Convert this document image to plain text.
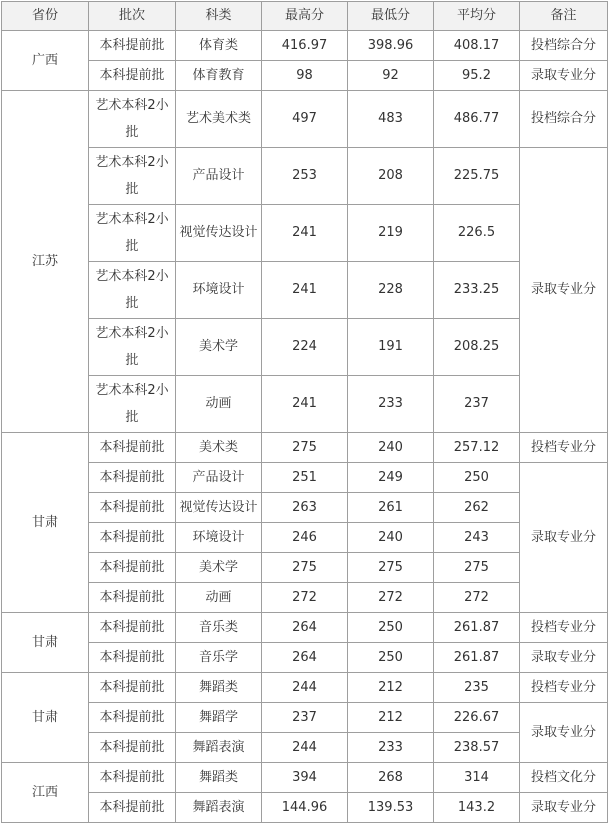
省份	批次	科类	最高分	最低分	平均分	备注
广西	本科提前批	体育类	416.97	398.96	408.17	投档综合分
	本科提前批	体育教育	98	92	95.2	录取专业分
江苏	艺术本科2小批	艺术美术类	497	483	486.77	投档综合分
	艺术本科2小批	产品设计	253	208	225.75	录取专业分
	艺术本科2小批	视觉传达设计	241	219	226.5	
	艺术本科2小批	环境设计	241	228	233.25	
	艺术本科2小批	美术学	224	191	208.25	
	艺术本科2小批	动画	241	233	237	
甘肃	本科提前批	美术类	275	240	257.12	投档专业分
	本科提前批	产品设计	251	249	250	录取专业分
	本科提前批	视觉传达设计	263	261	262	
	本科提前批	环境设计	246	240	243	
	本科提前批	美术学	275	275	275	
	本科提前批	动画	272	272	272	
甘肃	本科提前批	音乐类	264	250	261.87	投档专业分
	本科提前批	音乐学	264	250	261.87	录取专业分
甘肃	本科提前批	舞蹈类	244	212	235	投档专业分
	本科提前批	舞蹈学	237	212	226.67	录取专业分
	本科提前批	舞蹈表演	244	233	238.57	
江西	本科提前批	舞蹈类	394	268	314	投档文化分
	本科提前批	舞蹈表演	144.96	139.53	143.2	录取专业分
